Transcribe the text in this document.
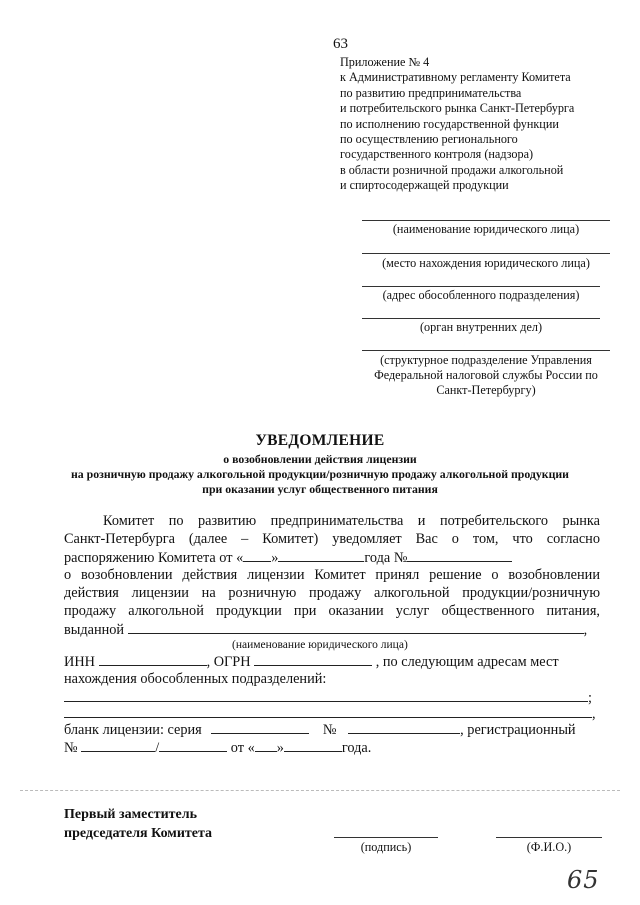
63
Приложение № 4
к Административному регламенту Комитета
по развитию предпринимательства
и потребительского рынка Санкт-Петербурга
по исполнению государственной функции
по осуществлению регионального
государственного контроля (надзора)
в области розничной продажи алкогольной
и спиртосодержащей продукции
(наименование юридического лица)
(место нахождения юридического лица)
(адрес обособленного подразделения)
(орган внутренних дел)
(структурное подразделение Управления
Федеральной налоговой службы России по
Санкт-Петербургу)
УВЕДОМЛЕНИЕ
о возобновлении действия лицензии
на розничную продажу алкогольной продукции/розничную продажу алкогольной продукции
при оказании услуг общественного питания
Комитет по развитию предпринимательства и потребительского рынка
Санкт-Петербурга (далее – Комитет) уведомляет Вас о том, что согласно
распоряжению Комитета от « »	года №
о возобновлении действия лицензии Комитет принял решение о возобновлении
действия лицензии на розничную продажу алкогольной продукции/розничную
продажу алкогольной продукции при оказании услуг общественного питания,
выданной	,
(наименование юридического лица)
ИНН	, ОГРН	, по следующим адресам мест
нахождения обособленных подразделений:
;
,
бланк лицензии: серия	№	, регистрационный
№	/	от « »	года.
Первый заместитель
председателя Комитета
(подпись)	(Ф.И.О.)
65
